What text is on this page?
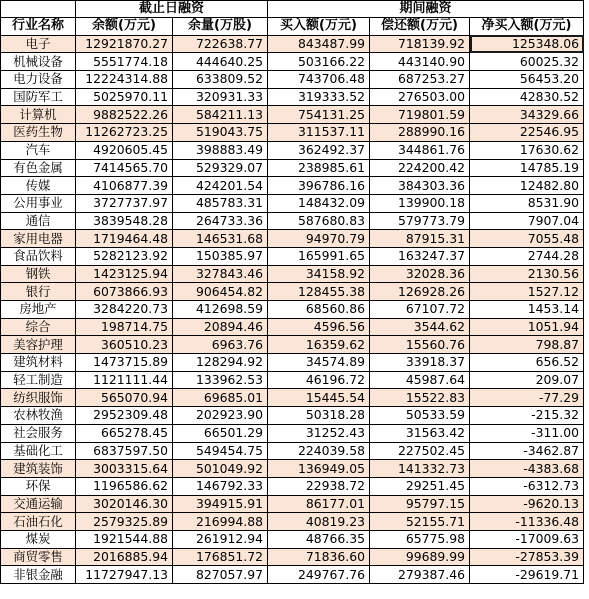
	截止日融资		期间融资		
行业名称	余额(万元)	余量(万股)	买入额(万元)	偿还额(万元)	净买入额(万元)
电子	12921870.27	722638.77	843487.99	718139.92	125348.06
机械设备	5551774.18	444640.25	503166.22	443140.90	60025.32
电力设备	12224314.88	633809.52	743706.48	687253.27	56453.20
国防军工	5025970.11	320931.33	319333.52	276503.00	42830.52
计算机	9882522.26	584211.13	754131.25	719801.59	34329.66
医药生物	11262723.25	519043.75	311537.11	288990.16	22546.95
汽车	4920605.45	398883.49	362492.37	344861.76	17630.62
有色金属	7414565.70	529329.07	238985.61	224200.42	14785.19
传媒	4106877.39	424201.54	396786.16	384303.36	12482.80
公用事业	3727737.97	485783.31	148432.09	139900.18	8531.90
通信	3839548.28	264733.36	587680.83	579773.79	7907.04
家用电器	1719464.48	146531.68	94970.79	87915.31	7055.48
食品饮料	5282123.92	150385.97	165991.65	163247.37	2744.28
钢铁	1423125.94	327843.46	34158.92	32028.36	2130.56
银行	6073866.93	906454.82	128455.38	126928.26	1527.12
房地产	3284220.73	412698.59	68560.86	67107.72	1453.14
综合	198714.75	20894.46	4596.56	3544.62	1051.94
美容护理	360510.23	6963.76	16359.62	15560.76	798.87
建筑材料	1473715.89	128294.92	34574.89	33918.37	656.52
轻工制造	1121111.44	133962.53	46196.72	45987.64	209.07
纺织服饰	565070.94	69685.01	15445.54	15522.83	-77.29
农林牧渔	2952309.48	202923.90	50318.28	50533.59	-215.32
社会服务	665278.45	66501.29	31252.43	31563.42	-311.00
基础化工	6837597.50	549454.75	224039.58	227502.45	-3462.87
建筑装饰	3003315.64	501049.92	136949.05	141332.73	-4383.68
环保	1196586.62	146792.33	22938.72	29251.45	-6312.73
交通运输	3020146.30	394915.91	86177.01	95797.15	-9620.13
石油石化	2579325.89	216994.88	40819.23	52155.71	-11336.48
煤炭	1921544.88	261912.94	48766.35	65775.98	-17009.63
商贸零售	2016885.94	176851.72	71836.60	99689.99	-27853.39
非银金融	11727947.13	827057.97	249767.76	279387.46	-29619.71
